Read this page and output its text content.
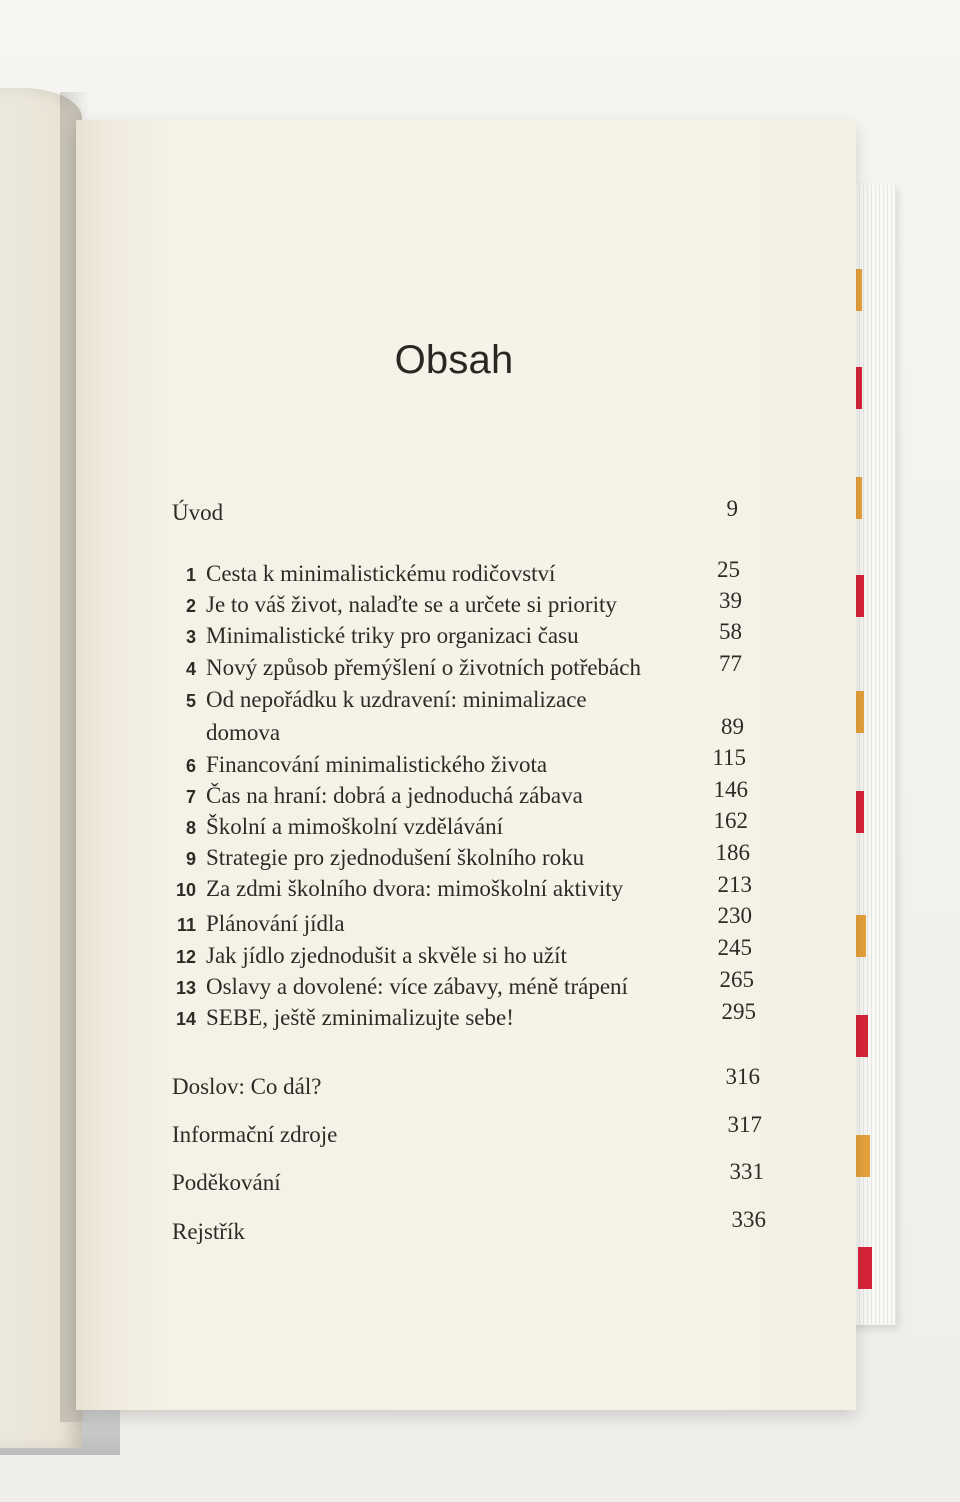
Obsah
Úvod	9
1 Cesta k minimalistickému rodičovství	25
2 Je to váš život, nalaďte se a určete si priority	39
3 Minimalistické triky pro organizaci času	58
4 Nový způsob přemýšlení o životních potřebách	77
5 Od nepořádku k uzdravení: minimalizace
domova	89
6 Financování minimalistického života	115
7 Čas na hraní: dobrá a jednoduchá zábava	146
8 Školní a mimoškolní vzdělávání	162
9 Strategie pro zjednodušení školního roku	186
10 Za zdmi školního dvora: mimoškolní aktivity	213
11 Plánování jídla	230
12 Jak jídlo zjednodušit a skvěle si ho užít	245
13 Oslavy a dovolené: více zábavy, méně trápení	265
14 SEBE, ještě zminimalizujte sebe!	295
Doslov: Co dál?	316
Informační zdroje	317
Poděkování	331
Rejstřík	336
